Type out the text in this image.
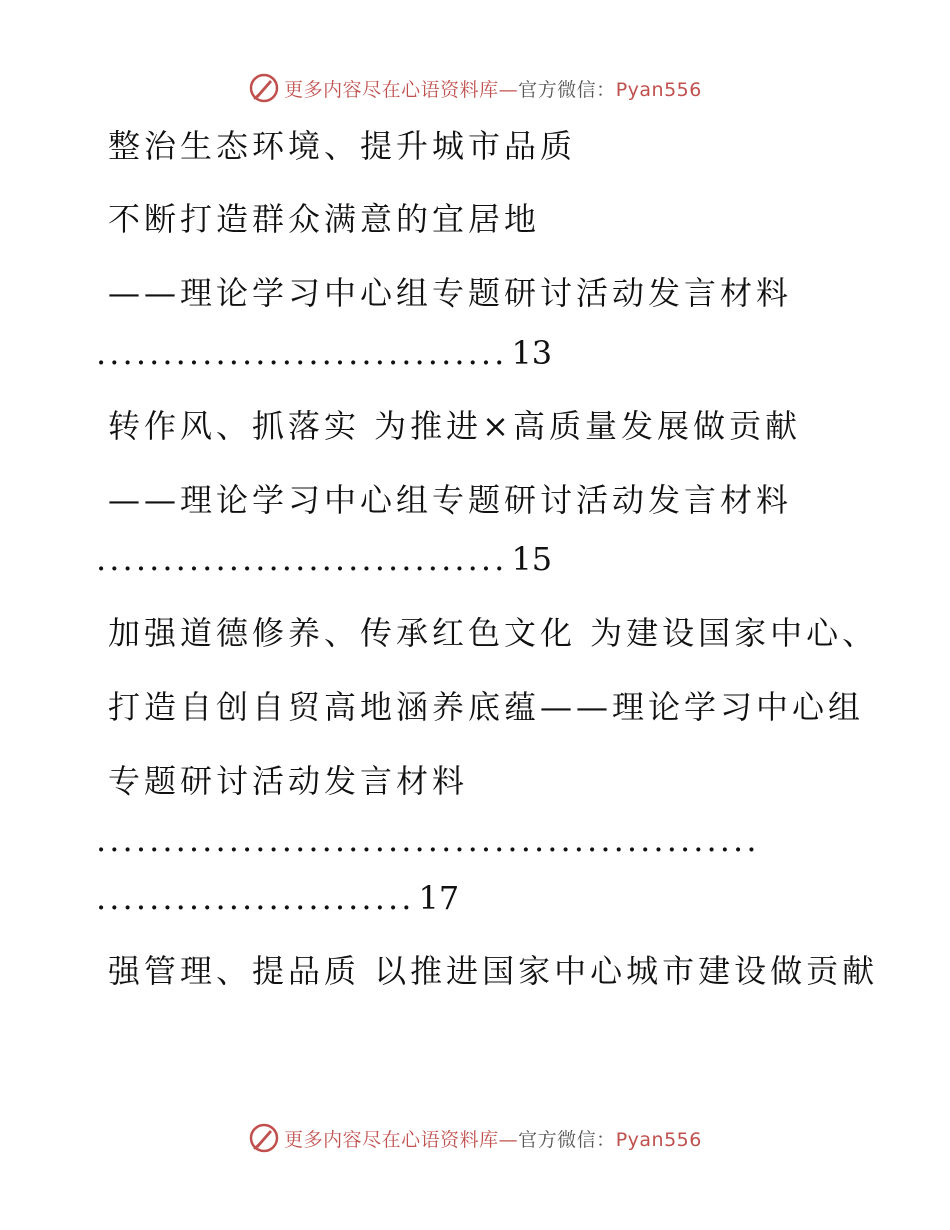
更多内容尽在心语资料库—官方微信：Pyan556
整治生态环境、提升城市品质
不断打造群众满意的宜居地
——理论学习中心组专题研讨活动发言材料
............................... 13
转作风、抓落实 为推进×高质量发展做贡献
——理论学习中心组专题研讨活动发言材料
............................... 15
加强道德修养、传承红色文化 为建设国家中心、
打造自创自贸高地涵养底蕴——理论学习中心组
专题研讨活动发言材料
..................................................
........................ 17
强管理、提品质 以推进国家中心城市建设做贡献
更多内容尽在心语资料库—官方微信：Pyan556
